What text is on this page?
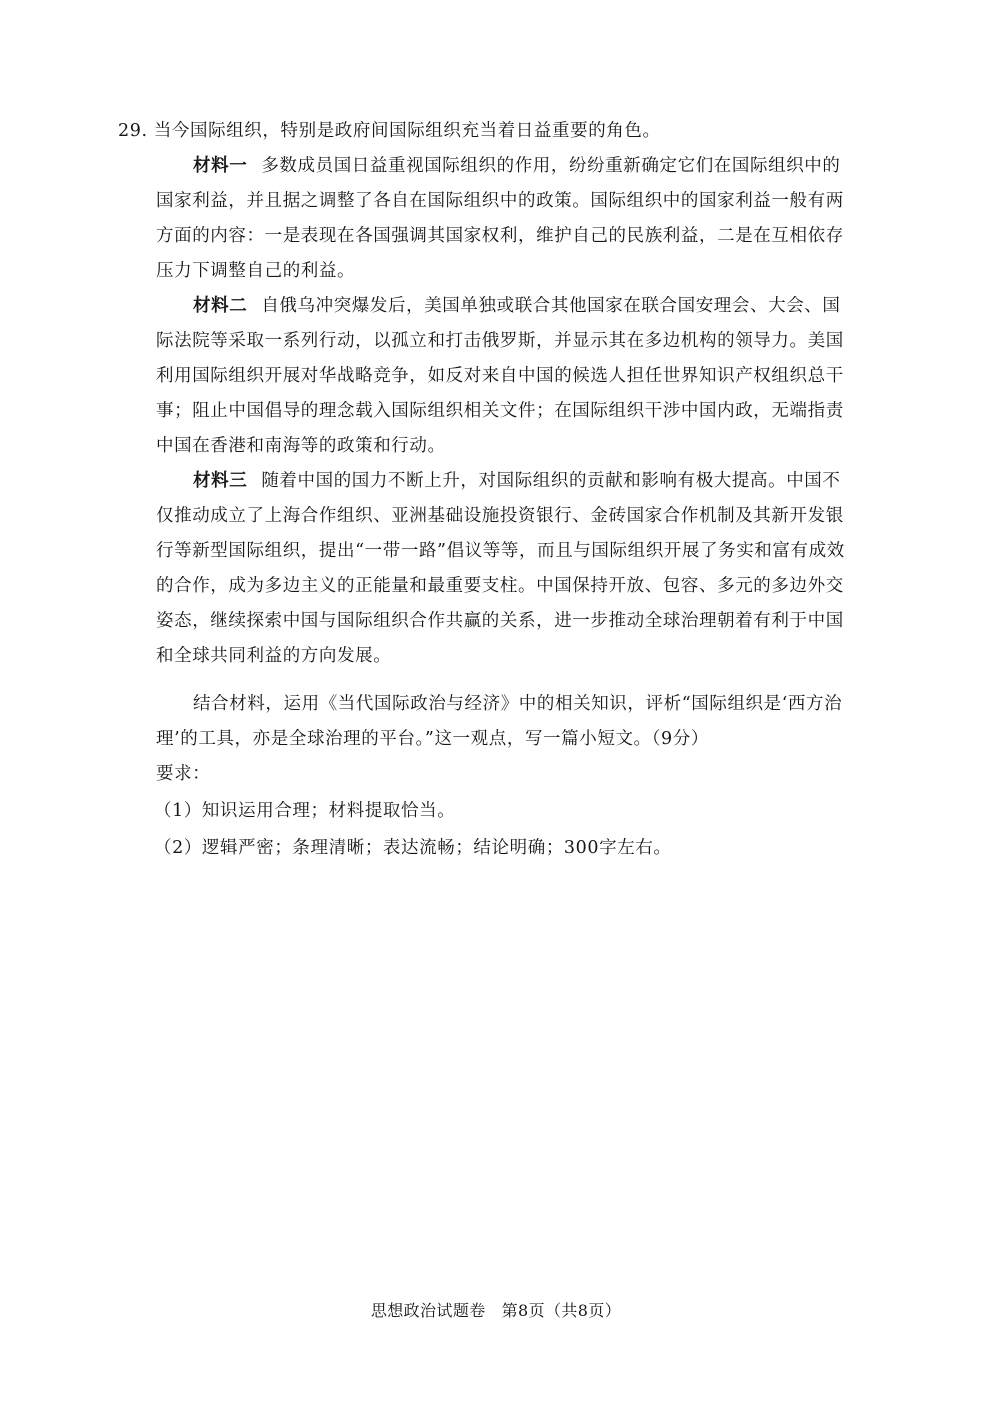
29. 当今国际组织，特别是政府间国际组织充当着日益重要的角色。
材料一 多数成员国日益重视国际组织的作用，纷纷重新确定它们在国际组织中的
国家利益，并且据之调整了各自在国际组织中的政策。国际组织中的国家利益一般有两
方面的内容：一是表现在各国强调其国家权利，维护自己的民族利益，二是在互相依存
压力下调整自己的利益。
材料二 自俄乌冲突爆发后，美国单独或联合其他国家在联合国安理会、大会、国
际法院等采取一系列行动，以孤立和打击俄罗斯，并显示其在多边机构的领导力。美国
利用国际组织开展对华战略竞争，如反对来自中国的候选人担任世界知识产权组织总干
事；阻止中国倡导的理念载入国际组织相关文件；在国际组织干涉中国内政，无端指责
中国在香港和南海等的政策和行动。
材料三 随着中国的国力不断上升，对国际组织的贡献和影响有极大提高。中国不
仅推动成立了上海合作组织、亚洲基础设施投资银行、金砖国家合作机制及其新开发银
行等新型国际组织，提出“一带一路”倡议等等，而且与国际组织开展了务实和富有成效
的合作，成为多边主义的正能量和最重要支柱。中国保持开放、包容、多元的多边外交
姿态，继续探索中国与国际组织合作共赢的关系，进一步推动全球治理朝着有利于中国
和全球共同利益的方向发展。
结合材料，运用《当代国际政治与经济》中的相关知识，评析“国际组织是‘西方治
理’的工具，亦是全球治理的平台。”这一观点，写一篇小短文。（9分）
要求：
（1）知识运用合理；材料提取恰当。
（2）逻辑严密；条理清晰；表达流畅；结论明确；300字左右。
思想政治试题卷 第8页（共8页）
